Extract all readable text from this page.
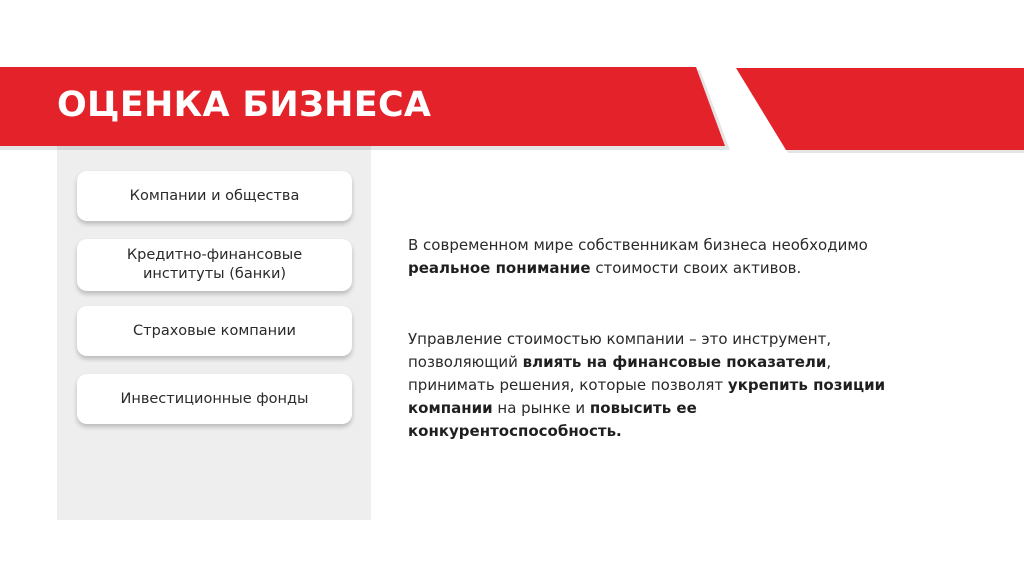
ОЦЕНКА БИЗНЕСА
Компании и общества
Кредитно-финансовые институты (банки)
Страховые компании
Инвестиционные фонды

В современном мире собственникам бизнеса необходимо реальное понимание стоимости своих активов.

Управление стоимостью компании – это инструмент, позволяющий влиять на финансовые показатели, принимать решения, которые позволят укрепить позиции компании на рынке и повысить ее конкурентоспособность.
